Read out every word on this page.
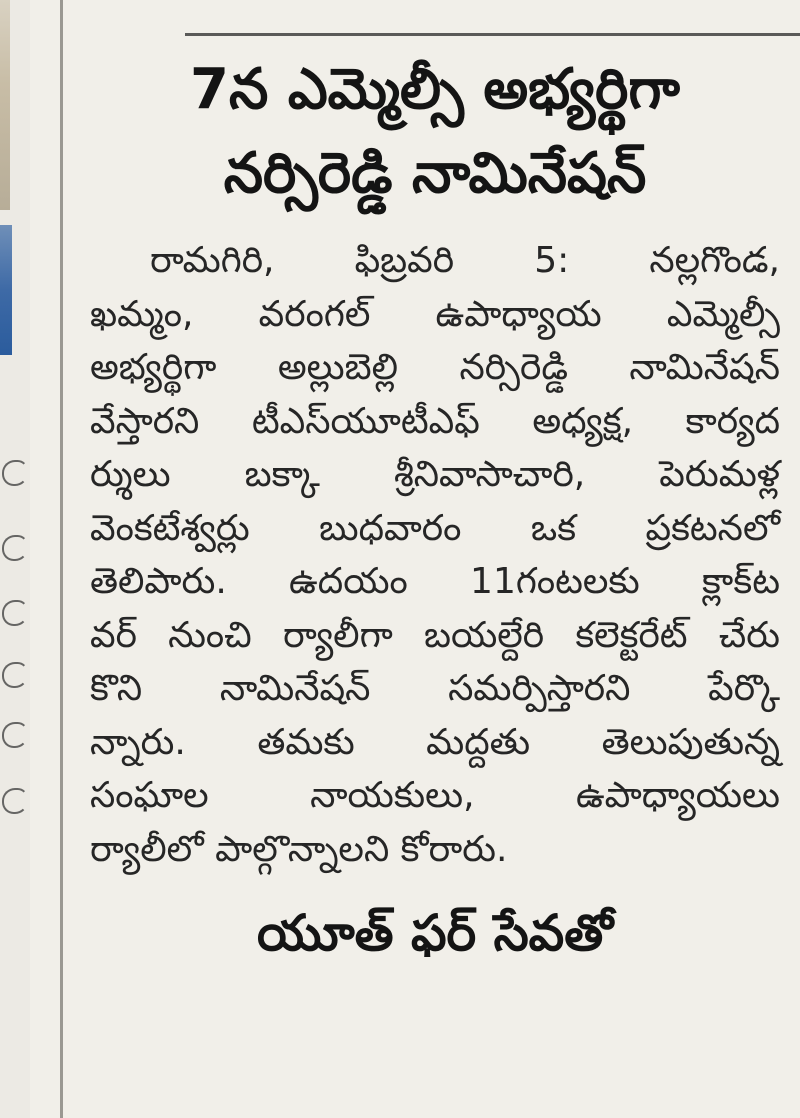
7న ఎమ్మెల్సీ అభ్యర్థిగా
నర్సిరెడ్డి నామినేషన్
రామగిరి, ఫిబ్రవరి 5: నల్లగొండ,
ఖమ్మం, వరంగల్ ఉపాధ్యాయ ఎమ్మెల్సీ
అభ్యర్థిగా అల్లుబెల్లి నర్సిరెడ్డి నామినేషన్
వేస్తారని టీఎస్‌యూటీఎఫ్ అధ్యక్ష, కార్యద
ర్శులు బక్కా శ్రీనివాసాచారి, పెరుమళ్ల
వెంకటేశ్వర్లు బుధవారం ఒక ప్రకటనలో
తెలిపారు. ఉదయం 11గంటలకు క్లాక్‌ట
వర్ నుంచి ర్యాలీగా బయల్దేరి కలెక్టరేట్ చేరు
కొని నామినేషన్ సమర్పిస్తారని పేర్కొ
న్నారు. తమకు మద్దతు తెలుపుతున్న
సంఘాల నాయకులు, ఉపాధ్యాయలు
ర్యాలీలో పాల్గొన్నాలని కోరారు.
యూత్ ఫర్ సేవతో
